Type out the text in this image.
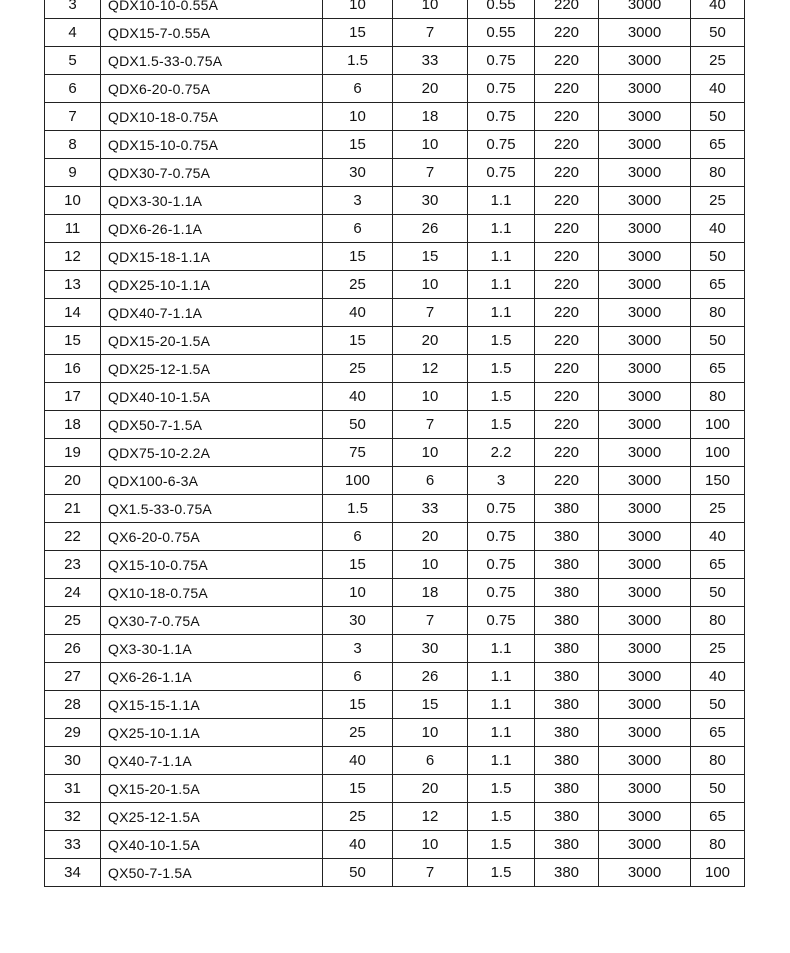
3	QDX10-10-0.55A	10	10	0.55	220	3000	40
4	QDX15-7-0.55A	15	7	0.55	220	3000	50
5	QDX1.5-33-0.75A	1.5	33	0.75	220	3000	25
6	QDX6-20-0.75A	6	20	0.75	220	3000	40
7	QDX10-18-0.75A	10	18	0.75	220	3000	50
8	QDX15-10-0.75A	15	10	0.75	220	3000	65
9	QDX30-7-0.75A	30	7	0.75	220	3000	80
10	QDX3-30-1.1A	3	30	1.1	220	3000	25
11	QDX6-26-1.1A	6	26	1.1	220	3000	40
12	QDX15-18-1.1A	15	15	1.1	220	3000	50
13	QDX25-10-1.1A	25	10	1.1	220	3000	65
14	QDX40-7-1.1A	40	7	1.1	220	3000	80
15	QDX15-20-1.5A	15	20	1.5	220	3000	50
16	QDX25-12-1.5A	25	12	1.5	220	3000	65
17	QDX40-10-1.5A	40	10	1.5	220	3000	80
18	QDX50-7-1.5A	50	7	1.5	220	3000	100
19	QDX75-10-2.2A	75	10	2.2	220	3000	100
20	QDX100-6-3A	100	6	3	220	3000	150
21	QX1.5-33-0.75A	1.5	33	0.75	380	3000	25
22	QX6-20-0.75A	6	20	0.75	380	3000	40
23	QX15-10-0.75A	15	10	0.75	380	3000	65
24	QX10-18-0.75A	10	18	0.75	380	3000	50
25	QX30-7-0.75A	30	7	0.75	380	3000	80
26	QX3-30-1.1A	3	30	1.1	380	3000	25
27	QX6-26-1.1A	6	26	1.1	380	3000	40
28	QX15-15-1.1A	15	15	1.1	380	3000	50
29	QX25-10-1.1A	25	10	1.1	380	3000	65
30	QX40-7-1.1A	40	6	1.1	380	3000	80
31	QX15-20-1.5A	15	20	1.5	380	3000	50
32	QX25-12-1.5A	25	12	1.5	380	3000	65
33	QX40-10-1.5A	40	10	1.5	380	3000	80
34	QX50-7-1.5A	50	7	1.5	380	3000	100
